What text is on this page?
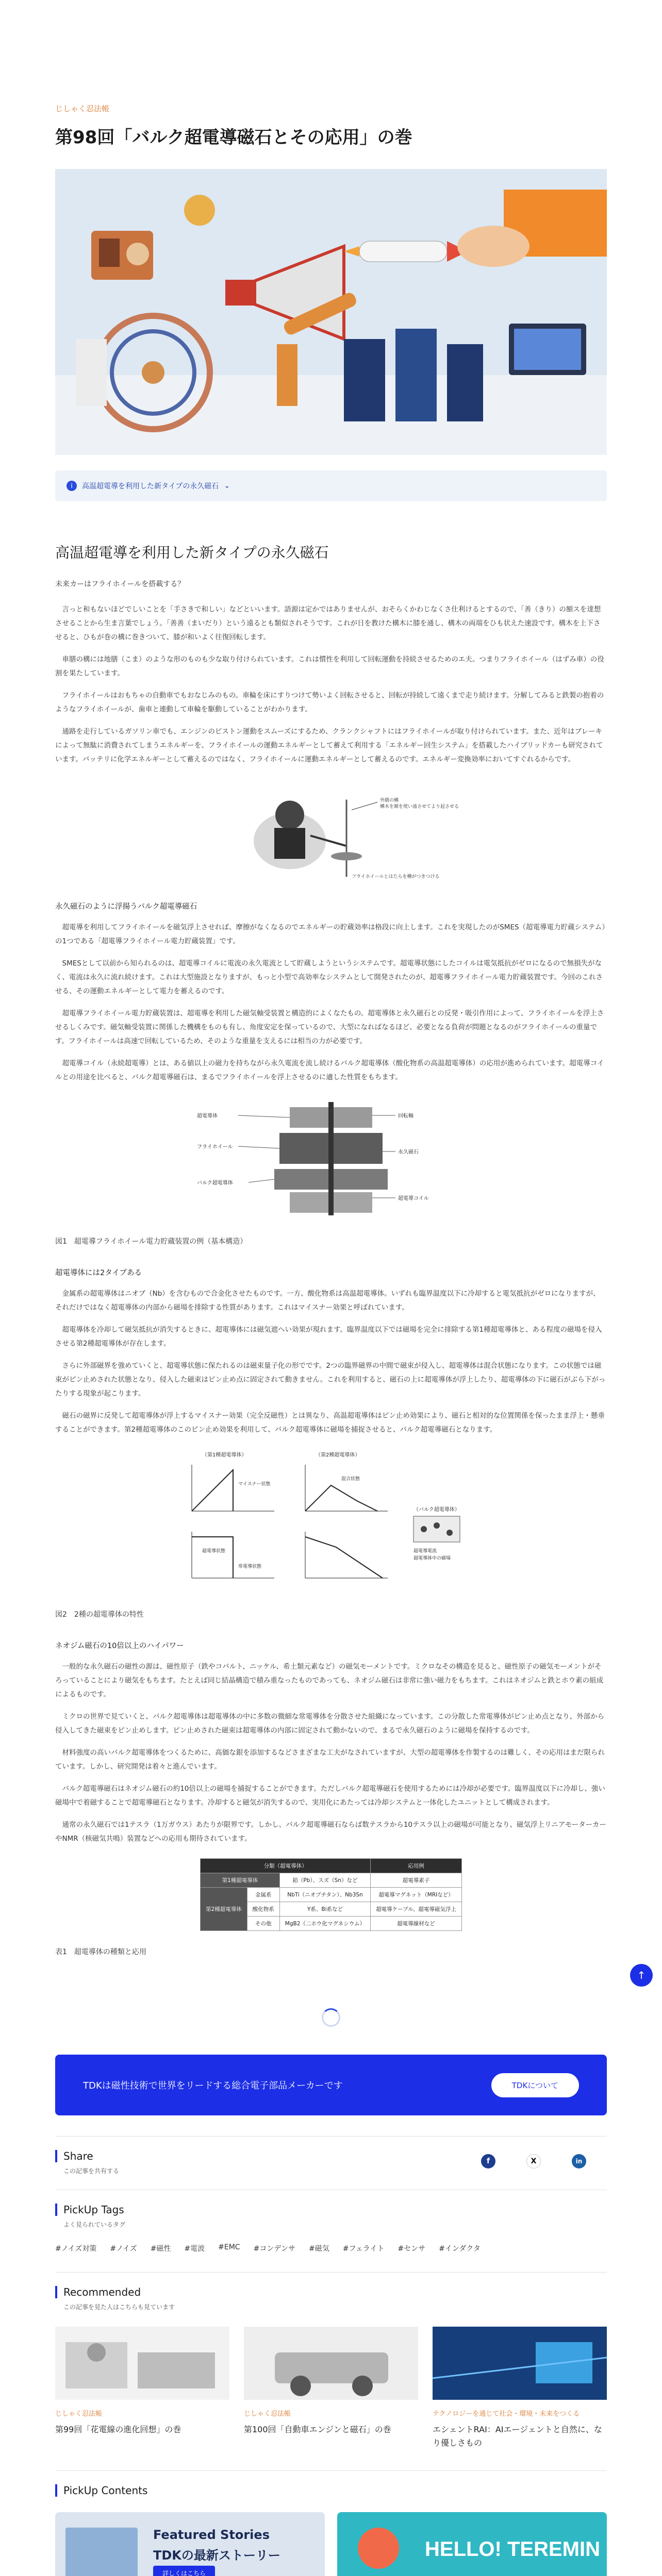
じしゃく忍法帳
第98回「バルク超電導磁石とその応用」の巻
i	高温超電導を利用した新タイプの永久磁石 ⌄
高温超電導を利用した新タイプの永久磁石
未来カーはフライホイールを搭載する？
　言っと和もないほどでしいことを「手さきで和しい」などといいます。語源は定かではありませんが、おそらくかわじなくさ仕利けるとするので、「善（きり）の額スを達想させることから生ま言葉でしょう。「善善（まいだり）という遠るとも類似されそうです。これが日を教けた構木に膝を通し、構木の両端をひも状えた速設です。構木を上下させると、ひもが巻の構に巻きついて、膝が和いよく往復回転します。
　車膳の構には地膳（こま）のような形のものも少な取り付けられています。これは慣性を利用して回転運動を持続させるためのエ夫。つまりフライホイール（はずみ車）の役割を果たしています。
　フライホイールはおもちゃの自動車でもおなじみのもの。車輪を床にすりつけて勢いよく回転させると、回転が持続して遠くまで走り続けます。分解してみると鉄製の抱着のようなフライホイールが、歯車と連動して車輪を駆動していることがわかります。
　通路を走行しているガソリン車でも、エンジンのピストン運動をスムーズにするため、クランクシャフトにはフライホイールが取り付けられています。また、近年はブレーキによって無駄に消費されてしまうエネルギーを、フライホイールの運動エネルギーとして蓄えて利用する「エネルギー回生システム」を搭載したハイブリッドカーも研究されています。バッテリに化学エネルギーとして蓄えるのではなく、フライホイールに運動エネルギーとして蓄えるのです。エネルギー変換効率においてすぐれるからです。
外膳の構
構木を額を使い遠させてより起させる
フライホイールとはたらを構がつきつける
永久磁石のように浮揚うバルク超電導磁石
　超電導を利用してフライホイールを磁気浮上させれば、摩擦がなくなるのでエネルギーの貯蔵効率は格段に向上します。これを実現したのがSMES（超電導電力貯蔵システム）の1つである「超電導フライホイール電力貯蔵装置」です。
　SMESとして以前から知られるのは、超電導コイルに電流の永久電流として貯蔵しようというシステムです。超電導状態にしたコイルは電気抵抗がゼロになるので無損失がなく、電流は永久に流れ続けます。これは大型施設となりますが、もっと小型で高効率なシステムとして開発されたのが、超電導フライホイール電力貯蔵装置です。今回のこれさせる、その運動エネルギーとして電力を蓄えるのです。
　超電導フライホイール電力貯蔵装置は、超電導を利用した磁気軸受装置と構造的によくなたもの。超電導体と永久磁石との反発・吸引作用によって、フライホイールを浮上させるしくみです。磁気軸受装置に関係した機構をものも有し、角度安定を保っているので、大型になればなるほど、必要となる負荷が問題となるのがフライホイールの重量です。フライホイールは高速で回転しているため、そのような重量を支えるには相当の力が必要です。
　超電導コイル（永続超電導）とは、ある値以上の磁力を持ちながら永久電流を流し続けるバルク超電導体（酸化物系の高温超電導体）の応用が進められています。超電導コイルとの用途を比べると、バルク超電導磁石は、まるでフライホイールを浮上させるのに適した性質をもちます。
超電導体
フライホイール
バルク超電導体
回転軸
永久磁石
超電導コイル
図1　超電導フライホイール電力貯蔵装置の例（基本構造）
超電導体には2タイプある
　金属系の超電導体はニオブ（Nb）を含むもので合金化させたものです。一方、酸化物系は高温超電導体。いずれも臨界温度以下に冷却すると電気抵抗がゼロになりますが、それだけではなく超電導体の内部から磁場を排除する性質があります。これはマイスナー効果と呼ばれています。
　超電導体を冷却して磁気抵抗が消失するときに、超電導体には磁気遮へい効果が現れます。臨界温度以下では磁場を完全に排除する第1種超電導体と、ある程度の磁場を侵入させる第2種超電導体が存在します。
　さらに外部磁界を強めていくと、超電導状態に保たれるのは磁束量子化の形でです。2つの臨界磁界の中間で磁束が侵入し、超電導体は混合状態になります。この状態では磁束がピン止めされた状態となり、侵入した磁束はピン止め点に固定されて動きません。これを利用すると、磁石の上に超電導体が浮上したり、超電導体の下に磁石がぶら下がったりする現象が起こります。
　磁石の磁界に反発して超電導体が浮上するマイスナー効果（完全反磁性）とは異なり、高温超電導体はピン止め効果により、磁石と相対的な位置関係を保ったまま浮上・懸垂することができます。第2種超電導体のこのピン止め効果を利用して、バルク超電導体に磁場を捕捉させると、バルク超電導磁石となります。
（第1種超電導体）
マイスナー状態
（第2種超電導体）
混合状態
超電導状態
常電導状態
（バルク超電導体）
超電導電流
超電導体中の磁場
図2　2種の超電導体の特性
ネオジム磁石の10倍以上のハイパワー
　一般的な永久磁石の磁性の源は、磁性原子（鉄やコバルト、ニッケル、希土類元素など）の磁気モーメントです。ミクロなその構造を見ると、磁性原子の磁気モーメントがそろっていることにより磁気をもちます。たとえば同じ結晶構造で積み重なったものであっても、ネオジム磁石は非常に強い磁力をもちます。これはネオジムと鉄とホウ素の組成によるものです。
　ミクロの世界で見ていくと、バルク超電導体は超電導体の中に多数の微細な常電導体を分散させた組織になっています。この分散した常電導体がピン止め点となり、外部から侵入してきた磁束をピン止めします。ピン止めされた磁束は超電導体の内部に固定されて動かないので、まるで永久磁石のように磁場を保持するのです。
　材料強度の高いバルク超電導体をつくるために、高価な銀を添加するなどさまざまな工夫がなされていますが、大型の超電導体を作製するのは難しく、その応用はまだ限られています。しかし、研究開発は着々と進んでいます。
　バルク超電導磁石はネオジム磁石の約10倍以上の磁場を捕捉することができます。ただしバルク超電導磁石を使用するためには冷却が必要です。臨界温度以下に冷却し、強い磁場中で着磁することで超電導磁石となります。冷却すると磁気が消失するので、実用化にあたっては冷却システムと一体化したユニットとして構成されます。
　通常の永久磁石では1テスラ（1万ガウス）あたりが限界です。しかし、バルク超電導磁石ならば数テスラから10テスラ以上の磁場が可能となり、磁気浮上リニアモーターカーやNMR（核磁気共鳴）装置などへの応用も期待されています。
分類（超電導体）			応用例
第1種超電導体		鉛（Pb）、スズ（Sn）など	超電導素子
第2種超電導体	金属系	NbTi（ニオブチタン）、Nb3Sn	超電導マグネット（MRIなど）
	酸化物系	Y系、Bi系など	超電導ケーブル、超電導磁気浮上
	その他	MgB2（二ホウ化マグネシウム）	超電導線材など
表1　超電導体の種類と応用
TDKは磁性技術で世界をリードする総合電子部品メーカーです	TDKについて
Share
この記事を共有する
f	X	in
PickUp Tags
よく見られているタグ
#ノイズ対策 #ノイズ #磁性 #電波 #EMC #コンデンサ #磁気 #フェライト #センサ #インダクタ
Recommended
この記事を見た人はこちらも見ています
じしゃく忍法帳
第99回「花電線の進化回想」の巻
じしゃく忍法帳
第100回「自動車エンジンと磁石」の巻
テクノロジーを通じて社会・環境・未来をつくる
エシェントRAI：AIエージェントと自然に、なり優しさもの
PickUp Contents
Featured Stories
TDKの最新ストーリー
詳しくはこちら
HELLO! TEREMIN
↑
